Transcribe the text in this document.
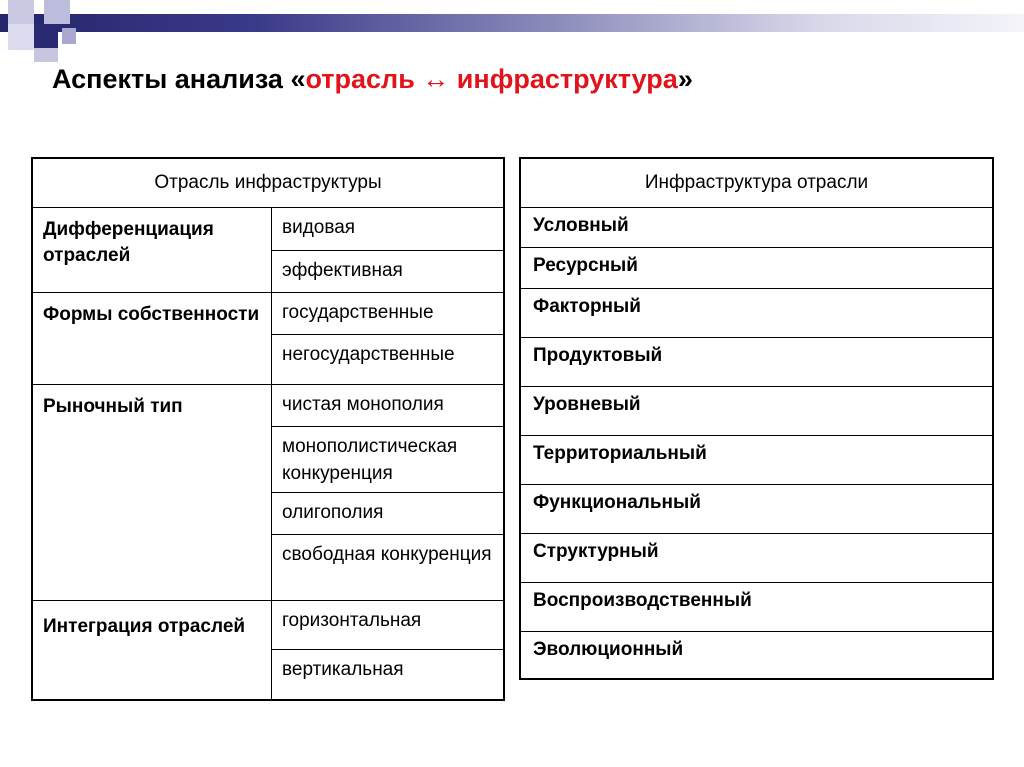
Аспекты анализа «отрасль ↔ инфраструктура»
Отрасль инфраструктуры	
Дифференциация отраслей	видовая
	эффективная
Формы собственности	государственные
	негосударственные
Рыночный тип	чистая монополия
	монополистическая конкуренция
	олигополия
	свободная конкуренция
Интеграция отраслей	горизонтальная
	вертикальная
Инфраструктура отрасли
Условный
Ресурсный
Факторный
Продуктовый
Уровневый
Территориальный
Функциональный
Структурный
Воспроизводственный
Эволюционный
